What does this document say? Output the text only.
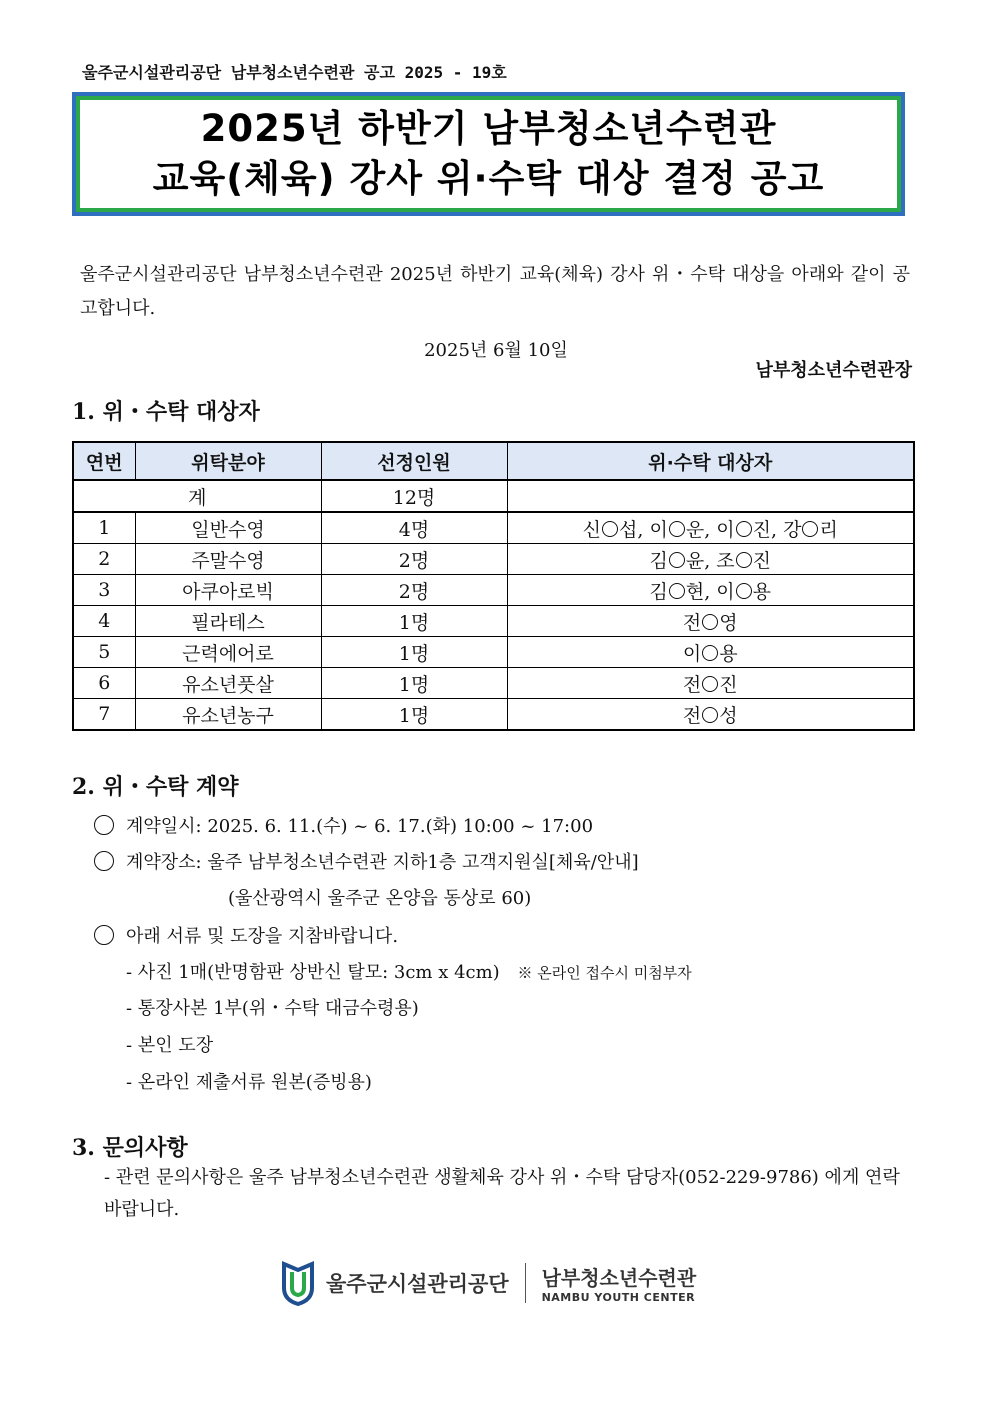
울주군시설관리공단 남부청소년수련관 공고 2025 - 19호
2025년 하반기 남부청소년수련관
교육(체육) 강사 위·수탁 대상 결정 공고
울주군시설관리공단 남부청소년수련관 2025년 하반기 교육(체육) 강사 위・수탁 대상을 아래와 같이 공고합니다.
2025년 6월 10일
남부청소년수련관장
1. 위・수탁 대상자
연번	위탁분야	선정인원	위·수탁 대상자
계		12명	
1	일반수영	4명	신 섭, 이 운, 이 진, 강 리
2	주말수영	2명	김 윤, 조 진
3	아쿠아로빅	2명	김 현, 이 용
4	필라테스	1명	전 영
5	근력에어로	1명	이 용
6	유소년풋살	1명	전 진
7	유소년농구	1명	전 성
2. 위・수탁 계약
계약일시: 2025. 6. 11.(수) ~ 6. 17.(화) 10:00 ~ 17:00
계약장소: 울주 남부청소년수련관 지하1층 고객지원실[체육/안내]
(울산광역시 울주군 온양읍 동상로 60)
아래 서류 및 도장을 지참바랍니다.
- 사진 1매(반명함판 상반신 탈모: 3cm x 4cm) ※ 온라인 접수시 미첨부자
- 통장사본 1부(위・수탁 대금수령용)
- 본인 도장
- 온라인 제출서류 원본(증빙용)
3. 문의사항
- 관련 문의사항은 울주 남부청소년수련관 생활체육 강사 위・수탁 담당자(052-229-9786) 에게 연락 바랍니다.
울주군시설관리공단 남부청소년수련관
NAMBU YOUTH CENTER
